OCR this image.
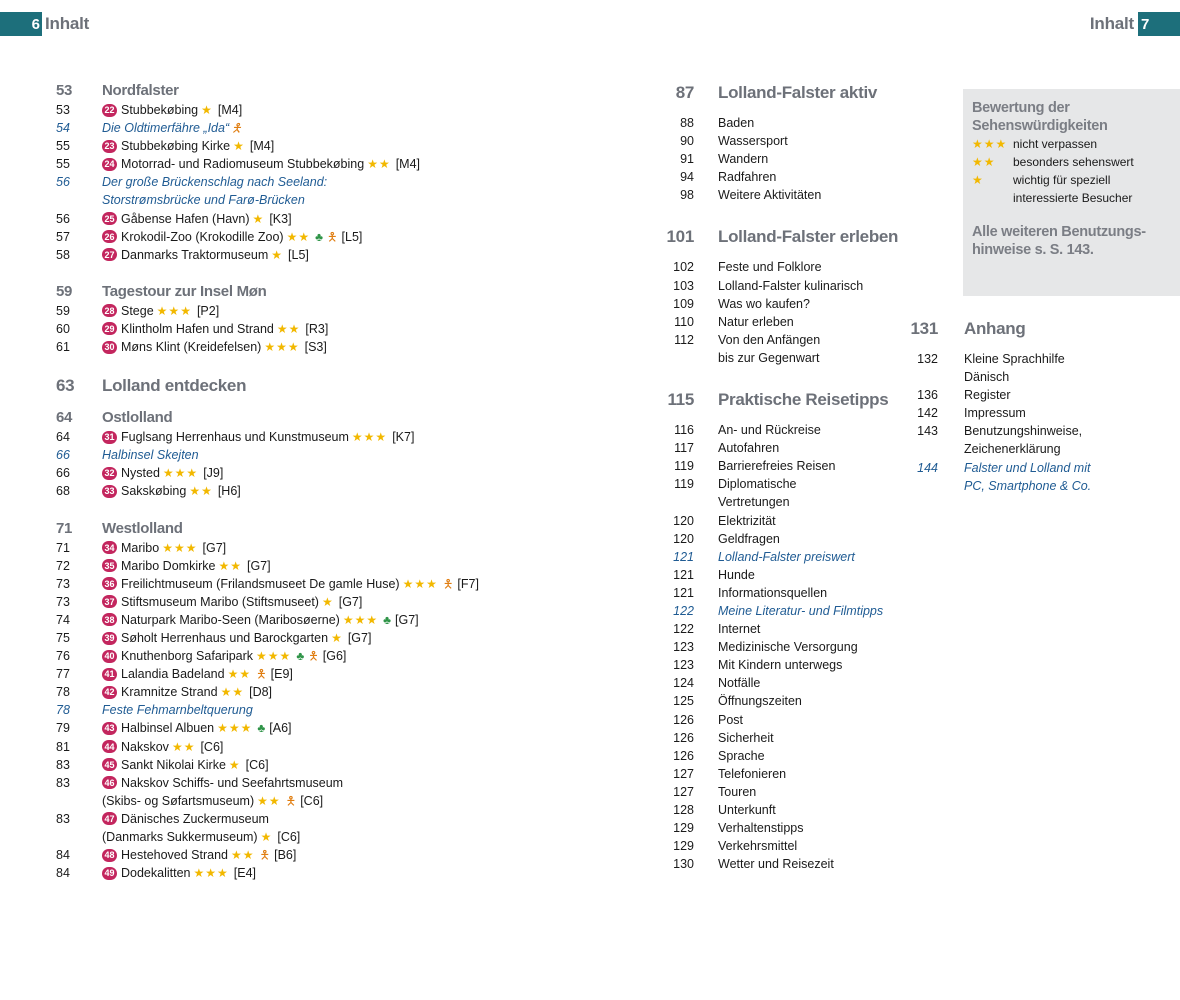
6 Inhalt	Inhalt 7
53	Nordfalster
53	22 Stubbekøbing ★ [M4]
54	Die Oldtimerfähre „Ida“ 🯅
55	23 Stubbekøbing Kirke ★ [M4]
55	24 Motorrad- und Radiomuseum Stubbekøbing ★★ [M4]
56	Der große Brückenschlag nach Seeland:
Storstrømsbrücke und Farø-Brücken
56	25 Gåbense Hafen (Havn) ★ [K3]
57	26 Krokodil-Zoo (Krokodille Zoo) ★★ ♣ 🯅 [L5]
58	27 Danmarks Traktormuseum ★ [L5]
59	Tagestour zur Insel Møn
59	28 Stege ★★★ [P2]
60	29 Klintholm Hafen und Strand ★★ [R3]
61	30 Møns Klint (Kreidefelsen) ★★★ [S3]
63	Lolland entdecken
64	Ostlolland
64	31 Fuglsang Herrenhaus und Kunstmuseum ★★★ [K7]
66	Halbinsel Skejten
66	32 Nysted ★★★ [J9]
68	33 Sakskøbing ★★ [H6]
71	Westlolland
71	34 Maribo ★★★ [G7]
72	35 Maribo Domkirke ★★ [G7]
73	36 Freilichtmuseum (Frilandsmuseet De gamle Huse) ★★★ 🯅 [F7]
73	37 Stiftsmuseum Maribo (Stiftsmuseet) ★ [G7]
74	38 Naturpark Maribo-Seen (Maribosøerne) ★★★ ♣ [G7]
75	39 Søholt Herrenhaus und Barockgarten ★ [G7]
76	40 Knuthenborg Safaripark ★★★ ♣ 🯅 [G6]
77	41 Lalandia Badeland ★★ 🯅 [E9]
78	42 Kramnitze Strand ★★ [D8]
78	Feste Fehmarnbeltquerung
79	43 Halbinsel Albuen ★★★ ♣ [A6]
81	44 Nakskov ★★ [C6]
83	45 Sankt Nikolai Kirke ★ [C6]
83	46 Nakskov Schiffs- und Seefahrtsmuseum
(Skibs- og Søfartsmuseum) ★★ 🯅 [C6]
83	47 Dänisches Zuckermuseum
(Danmarks Sukkermuseum) ★ [C6]
84	48 Hestehoved Strand ★★ 🯅 [B6]
84	49 Dodekalitten ★★★ [E4]
87 Lolland-Falster aktiv
88 Baden
90 Wassersport
91 Wandern
94 Radfahren
98 Weitere Aktivitäten
101 Lolland-Falster erleben
102 Feste und Folklore
103 Lolland-Falster kulinarisch
109 Was wo kaufen?
110 Natur erleben
112 Von den Anfängen
bis zur Gegenwart
115 Praktische Reisetipps
116 An- und Rückreise
117 Autofahren
119 Barrierefreies Reisen
119 Diplomatische
Vertretungen
120 Elektrizität
120 Geldfragen
121 Lolland-Falster preiswert
121 Hunde
121 Informationsquellen
122 Meine Literatur- und Filmtipps
122 Internet
123 Medizinische Versorgung
123 Mit Kindern unterwegs
124 Notfälle
125 Öffnungszeiten
126 Post
126 Sicherheit
126 Sprache
127 Telefonieren
127 Touren
128 Unterkunft
129 Verhaltenstipps
129 Verkehrsmittel
130 Wetter und Reisezeit
Bewertung der
Sehenswürdigkeiten
★★★ nicht verpassen
★★	besonders sehenswert
★	wichtig für speziell
interessierte Besucher
Alle weiteren Benutzungs-
hinweise s. S. 143.
131 Anhang
132 Kleine Sprachhilfe
Dänisch
136 Register
142 Impressum
143 Benutzungshinweise,
Zeichenerklärung
144 Falster und Lolland mit
PC, Smartphone & Co.
